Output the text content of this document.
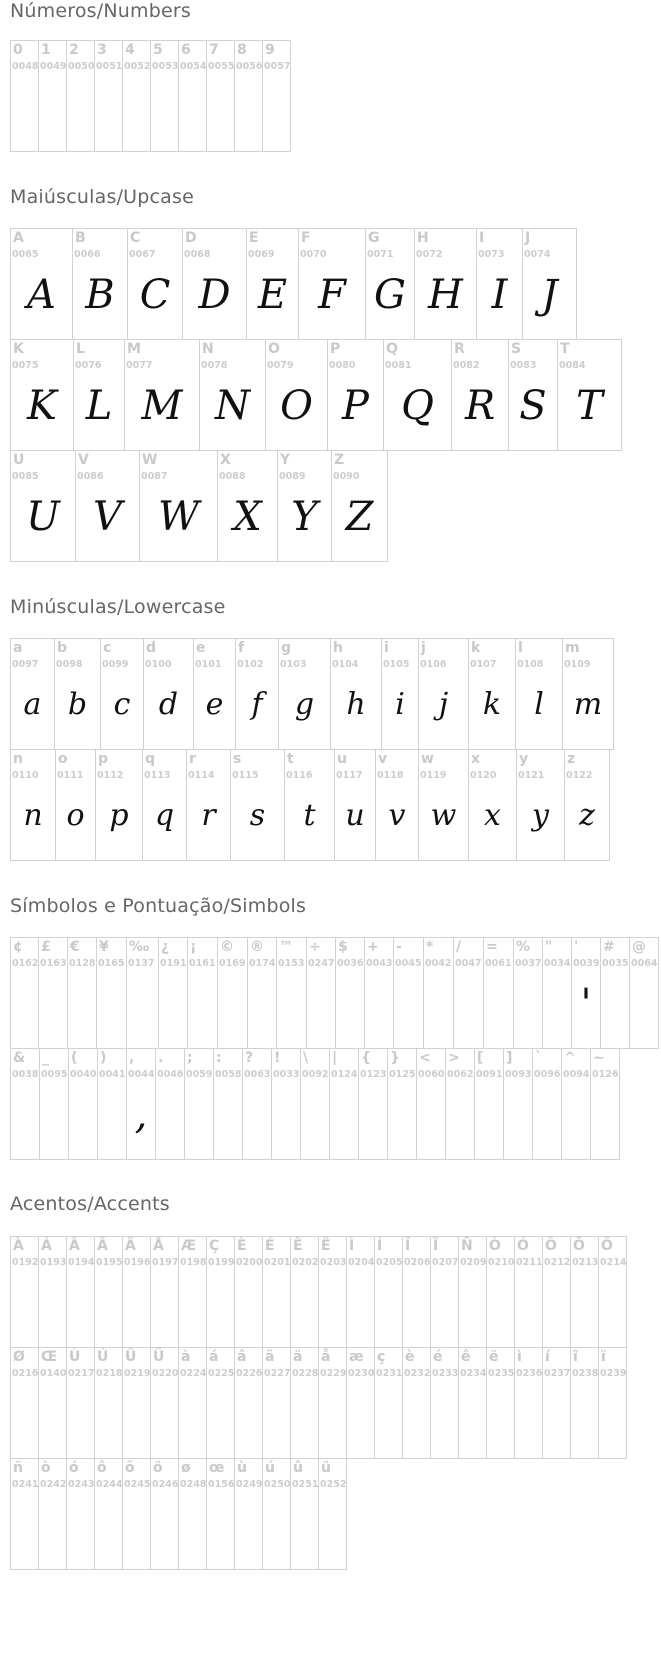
Números/Numbers
0
0048
1
0049
2
0050
3
0051
4
0052
5
0053
6
0054
7
0055
8
0056
9
0057
Maiúsculas/Upcase
A
0065
A
B
0066
B
C
0067
C
D
0068
D
E
0069
E
F
0070
F
G
0071
G
H
0072
H
I
0073
I
J
0074
J
K
0075
K
L
0076
L
M
0077
M
N
0078
N
O
0079
O
P
0080
P
Q
0081
Q
R
0082
R
S
0083
S
T
0084
T
U
0085
U
V
0086
V
W
0087
W
X
0088
X
Y
0089
Y
Z
0090
Z
Minúsculas/Lowercase
a
0097
a
b
0098
b
c
0099
c
d
0100
d
e
0101
e
f
0102
f
g
0103
g
h
0104
h
i
0105
i
j
0106
j
k
0107
k
l
0108
l
m
0109
m
n
0110
n
o
0111
o
p
0112
p
q
0113
q
r
0114
r
s
0115
s
t
0116
t
u
0117
u
v
0118
v
w
0119
w
x
0120
x
y
0121
y
z
0122
z
Símbolos e Pontuação/Simbols
¢
0162
£
0163
€
0128
¥
0165
‰
0137
¿
0191
¡
0161
©
0169
®
0174
™
0153
÷
0247
$
0036
+
0043
-
0045
*
0042
/
0047
=
0061
%
0037
"
0034
'
0039
'
#
0035
@
0064
&
0038
_
0095
(
0040
)
0041
,
0044
,
.
0046
;
0059
:
0058
?
0063
!
0033
\
0092
|
0124
{
0123
}
0125
<
0060
>
0062
[
0091
]
0093
`
0096
^
0094
~
0126
Acentos/Accents
À
0192
Á
0193
Â
0194
Ã
0195
Ä
0196
Å
0197
Æ
0198
Ç
0199
È
0200
É
0201
Ê
0202
Ë
0203
Ì
0204
Í
0205
Î
0206
Ï
0207
Ñ
0209
Ò
0210
Ó
0211
Ô
0212
Õ
0213
Ö
0214
Ø
0216
Œ
0140
Ù
0217
Ú
0218
Û
0219
Ü
0220
à
0224
á
0225
â
0226
ã
0227
ä
0228
å
0229
æ
0230
ç
0231
è
0232
é
0233
ê
0234
ë
0235
ì
0236
í
0237
î
0238
ï
0239
ñ
0241
ò
0242
ó
0243
ô
0244
õ
0245
ö
0246
ø
0248
œ
0156
ù
0249
ú
0250
û
0251
ü
0252
